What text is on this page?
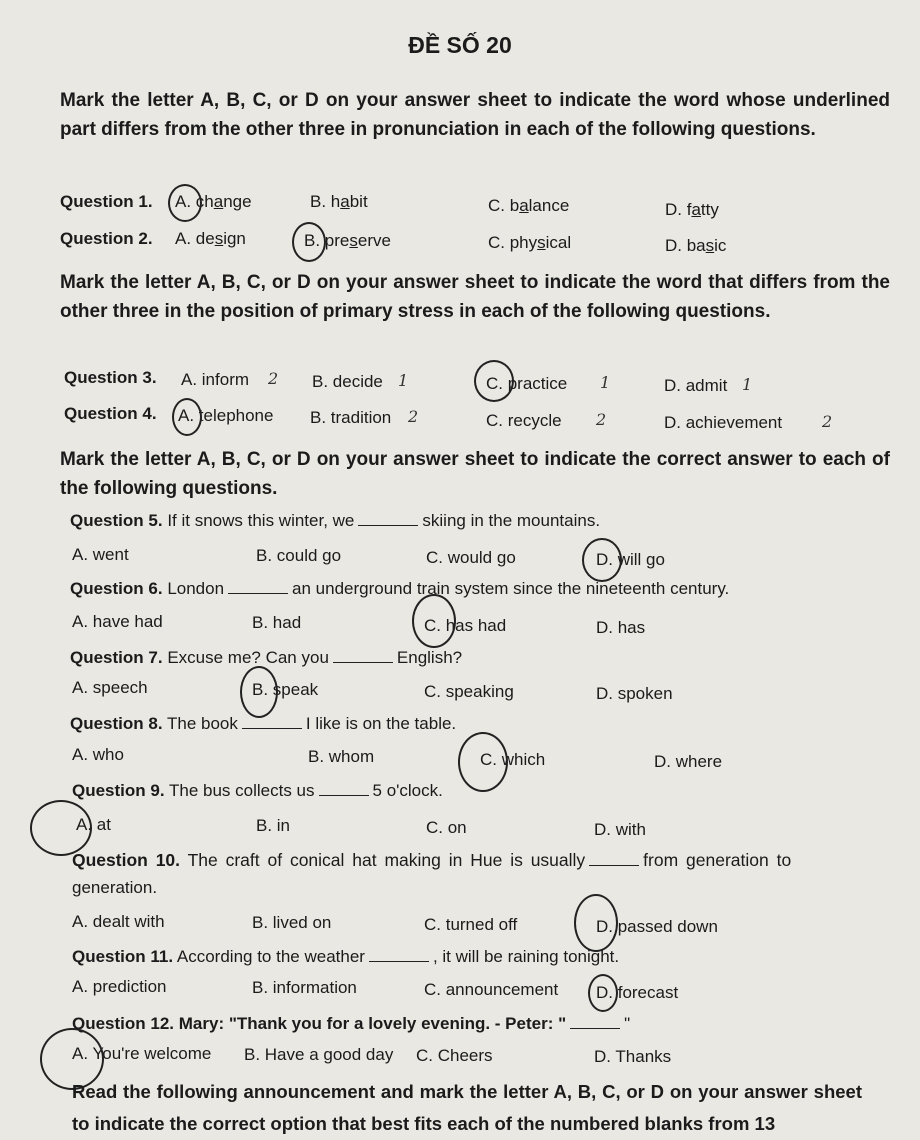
ĐỀ SỐ 20
Mark the letter A, B, C, or D on your answer sheet to indicate the word whose underlined part differs from the other three in pronunciation in each of the following questions.
Question 1. A. change	B. habit	C. balance	D. fatty
Question 2. A. design	B. preserve	C. physical	D. basic
Mark the letter A, B, C, or D on your answer sheet to indicate the word that differs from the other three in the position of primary stress in each of the following questions.
Question 3. A. inform 2 B. decide 1	C. practice 1	D. admit 1
Question 4. A. telephone B. tradition 2	C. recycle 2	D. achievement 2
Mark the letter A, B, C, or D on your answer sheet to indicate the correct answer to each of the following questions.
Question 5. If it snows this winter, we	skiing in the mountains.
A. went	B. could go	C. would go	D. will go
Question 6. London	an underground train system since the nineteenth century.
A. have had	B. had	C. has had	D. has
Question 7. Excuse me? Can you	English?
A. speech	B. speak	C. speaking	D. spoken
Question 8. The book	I like is on the table.
A. who	B. whom	C. which	D. where
Question 9. The bus collects us	5 o'clock.
A. at	B. in	C. on	D. with
Question 10. The craft of conical hat making in Hue is usually	from generation to
generation.
A. dealt with	B. lived on	C. turned off	D. passed down
Question 11. According to the weather	, it will be raining tonight.
A. prediction	B. information	C. announcement D. forecast
Question 12. Mary: "Thank you for a lovely evening. - Peter: "	"
A. You're welcome B. Have a good day C. Cheers	D. Thanks
Read the following announcement and mark the letter A, B, C, or D on your answer sheet to indicate the correct option that best fits each of the numbered blanks from 13
